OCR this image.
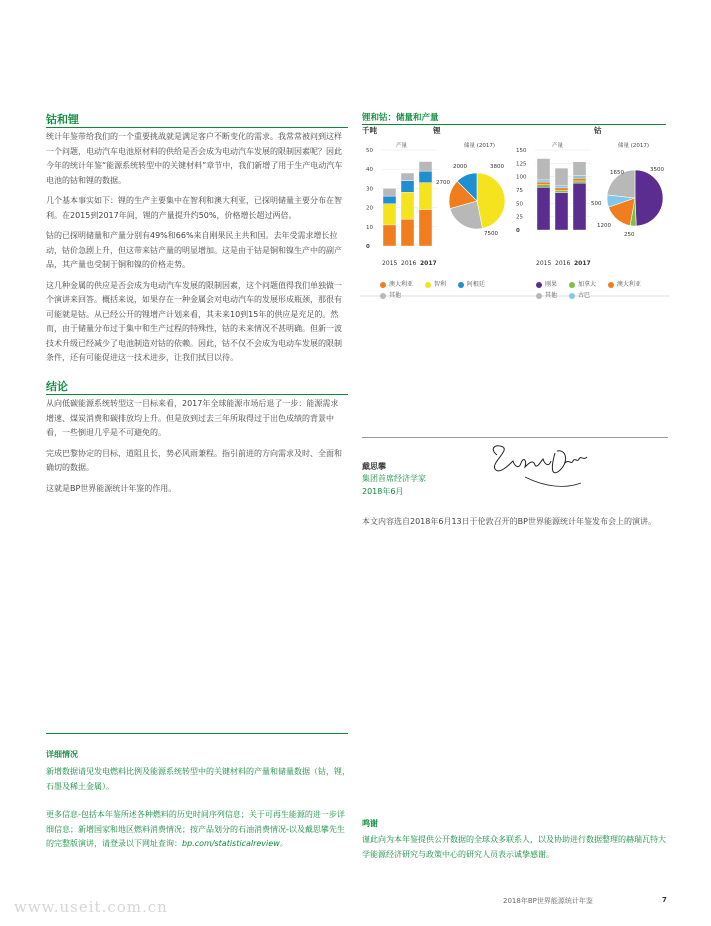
钴和锂

统计年鉴带给我们的一个重要挑战就是满足客户不断变化的需求。我常常被问到这样一个问题，电动汽车电池原材料的供给是否会成为电动汽车发展的限制因素呢？因此今年的统计年鉴“能源系统转型中的关键材料”章节中，我们新增了用于生产电动汽车电池的钴和锂的数据。

几个基本事实如下：锂的生产主要集中在智利和澳大利亚，已探明储量主要分布在智利。在2015到2017年间，锂的产量提升约50%，价格增长超过两倍。

钴的已探明储量和产量分别有49%和66%来自刚果民主共和国。去年受需求增长拉动，钴价急剧上升，但这带来钴产量的明显增加。这是由于钴是铜和镍生产中的副产品，其产量也受制于铜和镍的价格走势。

这几种金属的供应是否会成为电动汽车发展的限制因素，这个问题值得我们单独做一个演讲来回答。概括来说，如果存在一种金属会对电动汽车的发展形成瓶颈，那很有可能就是钴。从已经公开的锂增产计划来看，其未来10到15年的供应是充足的。然而，由于储量分布过于集中和生产过程的特殊性，钴的未来情况不甚明确。但新一波技术升级已经减少了电池制造对钴的依赖。因此，钴不仅不会成为电动车发展的限制条件，还有可能促进这一技术进步，让我们拭目以待。

结论

从向低碳能源系统转型这一目标来看，2017年全球能源市场后退了一步：能源需求增速、煤炭消费和碳排放均上升。但是放到过去三年所取得过于出色成绩的背景中看，一些倒退几乎是不可避免的。

完成巴黎协定的目标，道阻且长，势必风雨兼程。指引前进的方向需求及时、全面和确切的数据。

这就是BP世界能源统计年鉴的作用。

锂和钴：储量和产量
千吨	锂	钴
产量
50
40
30
20
10
0
储量 (2017)
3800
7500
2700
2000
产量
150
125
100
75
50
25
0
储量 (2017)
3500
1650
500
1200
250
2015 2016 2017	2015 2016 2017
澳大利亚	智利	阿根廷
其他
刚果	加拿大	澳大利亚
其他	古巴
Spencer Dale
戴思攀
集团首席经济学家
2018年6月
本文内容选自2018年6月13日于伦敦召开的BP世界能源统计年鉴发布会上的演讲。
详细情况
新增数据请见发电燃料比例及能源系统转型中的关键材料的产量和储量数据（钴，锂，石墨及稀土金属）。
更多信息-包括本年鉴所述各种燃料的历史时间序列信息；关于可再生能源的进一步详细信息；新增国家和地区燃料消费情况；按产品划分的石油消费情况-以及戴思攀先生的完整版演讲，请登录以下网址查询：bp.com/statisticalreview。
鸣谢
谨此向为本年鉴提供公开数据的全球众多联系人，以及协助进行数据整理的赫瑞瓦特大学能源经济研究与政策中心的研究人员表示诚挚感谢。
2018年BP世界能源统计年鉴	7
www.useit.com.cn
